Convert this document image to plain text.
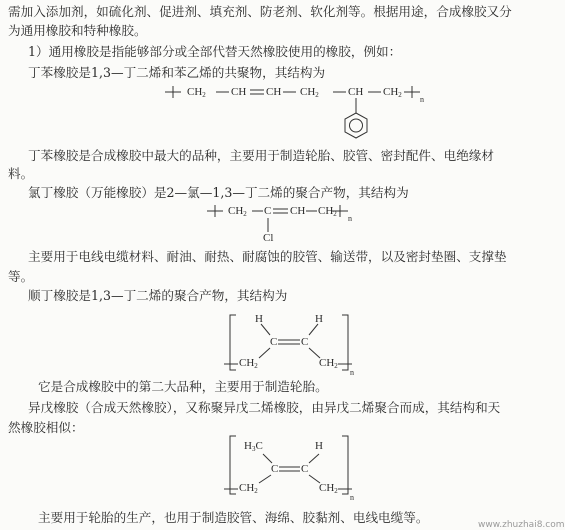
需加入添加剂，如硫化剂、促进剂、填充剂、防老剂、软化剂等。根据用途，合成橡胶又分

为通用橡胶和特种橡胶。

1）通用橡胶是指能够部分或全部代替天然橡胶使用的橡胶，例如：

丁苯橡胶是1,3—丁二烯和苯乙烯的共聚物，其结构为

$CH_2$ CH CH $CH_2$	CH $CH_2$ n

丁苯橡胶是合成橡胶中最大的品种，主要用于制造轮胎、胶管、密封配件、电绝缘材

料。

氯丁橡胶（万能橡胶）是2—氯—1,3—丁二烯的聚合产物，其结构为

$CH_2$ C CH $CH_2$ n
Cl

主要用于电线电缆材料、耐油、耐热、耐腐蚀的胶管、输送带，以及密封垫圈、支撑垫

等。

顺丁橡胶是1,3—丁二烯的聚合产物，其结构为

H	H
C C
$CH_2$	$CH_2$
n

它是合成橡胶中的第二大品种，主要用于制造轮胎。

异戊橡胶（合成天然橡胶），又称聚异戊二烯橡胶，由异戊二烯聚合而成，其结构和天

然橡胶相似：

$H_3C$	H
C C
$CH_2$	$CH_2$
n

主要用于轮胎的生产，也用于制造胶管、海绵、胶黏剂、电线电缆等。	www.zhuzhai8.com
